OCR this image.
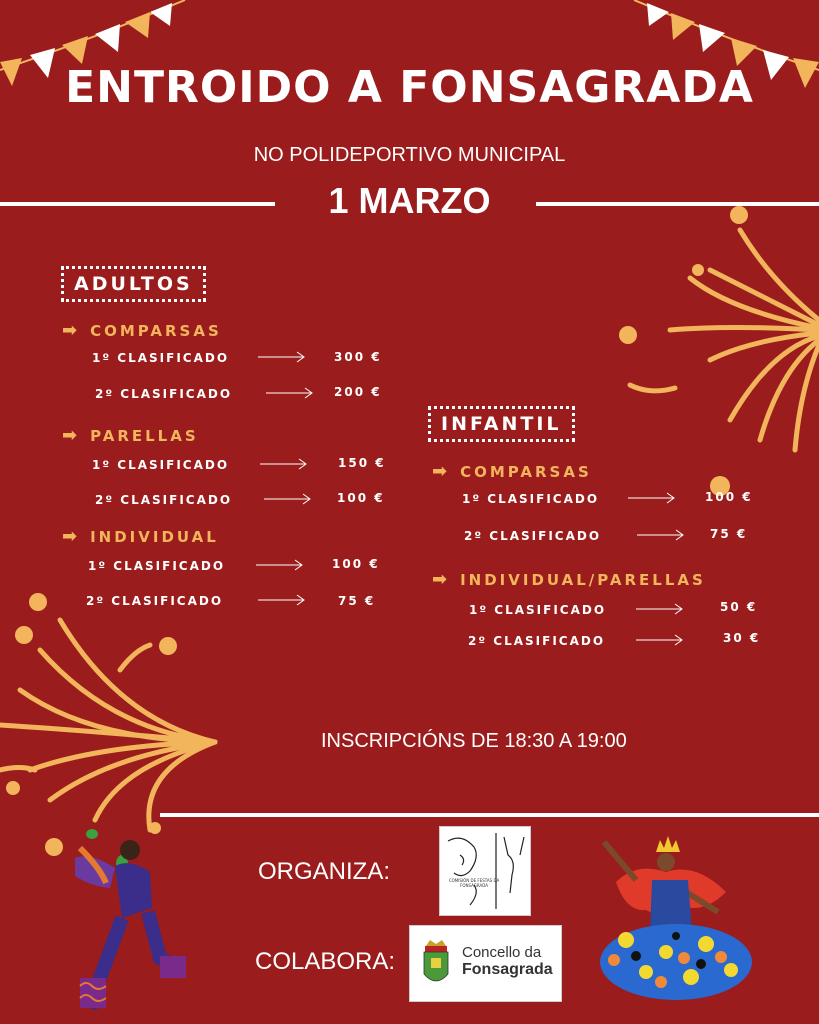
ENTROIDO A FONSAGRADA
NO POLIDEPORTIVO MUNICIPAL
1 MARZO
ADULTOS
➡ COMPARSAS
1º CLASIFICADO	300 €
2º CLASIFICADO	200 €
➡ PARELLAS
1º CLASIFICADO	150 €
2º CLASIFICADO	100 €
➡ INDIVIDUAL
1º CLASIFICADO	100 €
2º CLASIFICADO	75 €
INFANTIL
➡ COMPARSAS
1º CLASIFICADO	100 €
2º CLASIFICADO	75 €
➡ INDIVIDUAL/PARELLAS
1º CLASIFICADO	50 €
2º CLASIFICADO	30 €
INSCRIPCIÓNS DE 18:30 A 19:00
ORGANIZA:
COLABORA:
COMISIÓN DE FESTAS DA FONSAGRADA
Concello da
Fonsagrada
